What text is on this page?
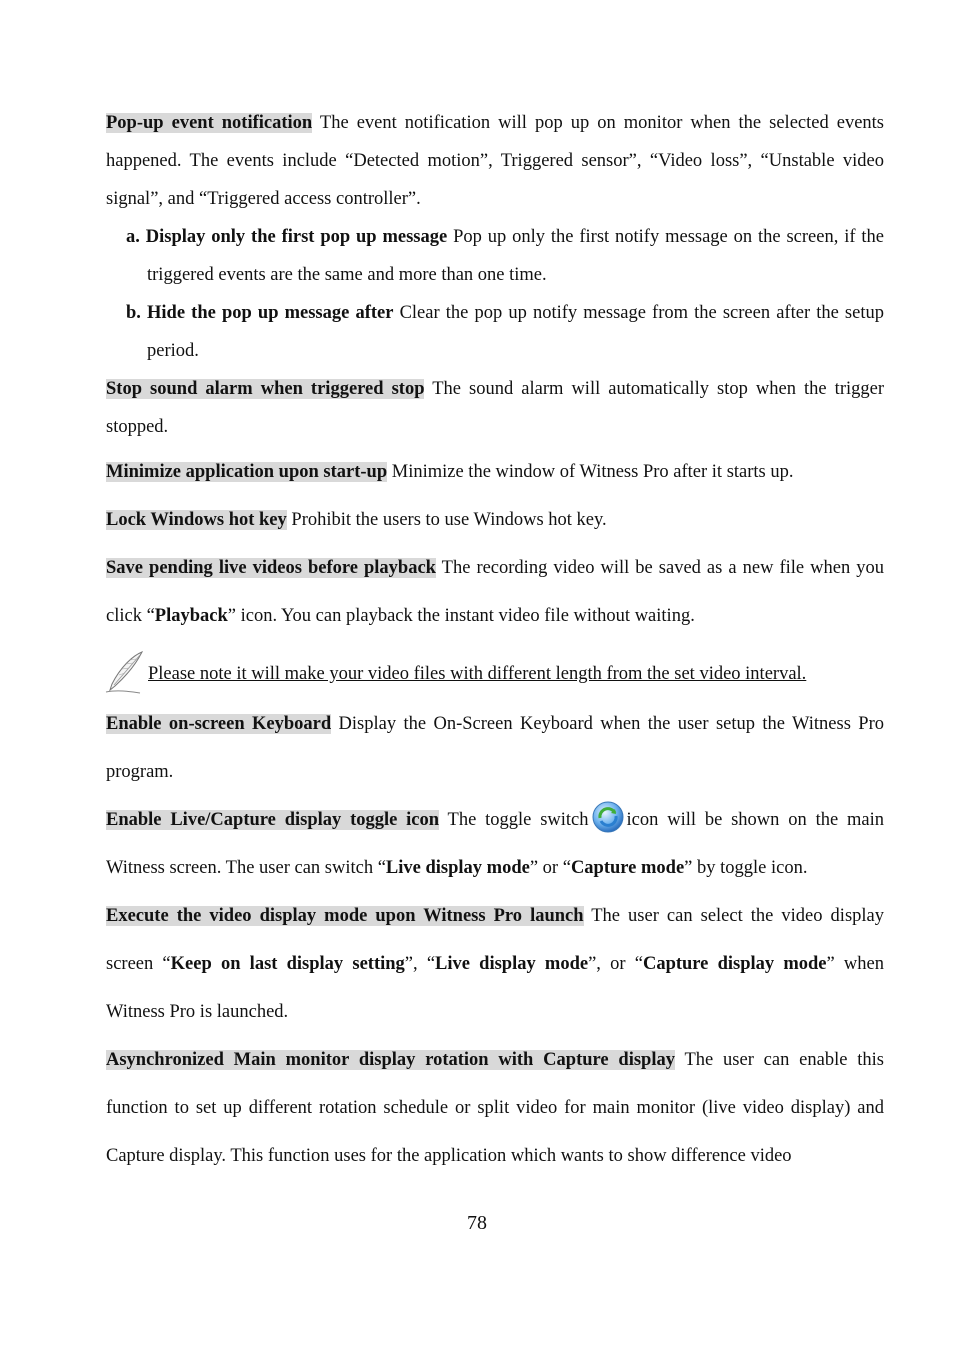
Pop-up event notification The event notification will pop up on monitor when the selected events happened. The events include “Detected motion”, Triggered sensor”, “Video loss”, “Unstable video signal”, and “Triggered access controller”.

a. Display only the first pop up message Pop up only the first notify message on the screen, if the triggered events are the same and more than one time.

b. Hide the pop up message after Clear the pop up notify message from the screen after the setup period.

Stop sound alarm when triggered stop The sound alarm will automatically stop when the trigger stopped.

Minimize application upon start-up Minimize the window of Witness Pro after it starts up.

Lock Windows hot key Prohibit the users to use Windows hot key.

Save pending live videos before playback The recording video will be saved as a new file when you click “Playback” icon. You can playback the instant video file without waiting.

Please note it will make your video files with different length from the set video interval.

Enable on-screen Keyboard Display the On-Screen Keyboard when the user setup the Witness Pro program.

Enable Live/Capture display toggle icon The toggle switch icon will be shown on the main Witness screen. The user can switch “Live display mode” or “Capture mode” by toggle icon.

Execute the video display mode upon Witness Pro launch The user can select the video display screen “Keep on last display setting”, “Live display mode”, or “Capture display mode” when Witness Pro is launched.

Asynchronized Main monitor display rotation with Capture display The user can enable this function to set up different rotation schedule or split video for main monitor (live video display) and Capture display. This function uses for the application which wants to show difference video

78
